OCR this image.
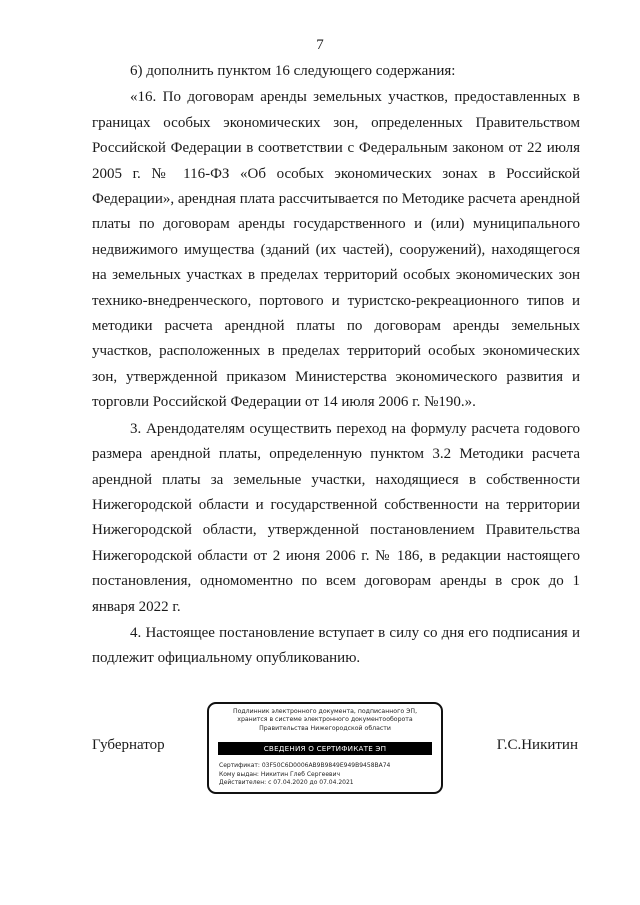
7

6) дополнить пунктом 16 следующего содержания:

«16. По договорам аренды земельных участков, предоставленных в границах особых экономических зон, определенных Правительством Российской Федерации в соответствии с Федеральным законом от 22 июля 2005 г. № 116-ФЗ «Об особых экономических зонах в Российской Федерации», арендная плата рассчитывается по Методике расчета арендной платы по договорам аренды государственного и (или) муниципального недвижимого имущества (зданий (их частей), сооружений), находящегося на земельных участках в пределах территорий особых экономических зон технико-внедренческого, портового и туристско-рекреационного типов и методики расчета арендной платы по договорам аренды земельных участков, расположенных в пределах территорий особых экономических зон, утвержденной приказом Министерства экономического развития и торговли Российской Федерации от 14 июля 2006 г. №190.».

3. Арендодателям осуществить переход на формулу расчета годового размера арендной платы, определенную пунктом 3.2 Методики расчета арендной платы за земельные участки, находящиеся в собственности Нижегородской области и государственной собственности на территории Нижегородской области, утвержденной постановлением Правительства Нижегородской области от 2 июня 2006 г. № 186, в редакции настоящего постановления, одномоментно по всем договорам аренды в срок до 1 января 2022 г.

4. Настоящее постановление вступает в силу со дня его подписания и подлежит официальному опубликованию.

Губернатор	Г.С.Никитин
Подлинник электронного документа, подписанного ЭП,
хранится в системе электронного документооборота
Правительства Нижегородской области
СВЕДЕНИЯ О СЕРТИФИКАТЕ ЭП
Сертификат: 03F50C6D0006AB9B9849E949B9458BA74
Кому выдан: Никитин Глеб Сергеевич
Действителен: с 07.04.2020 до 07.04.2021
